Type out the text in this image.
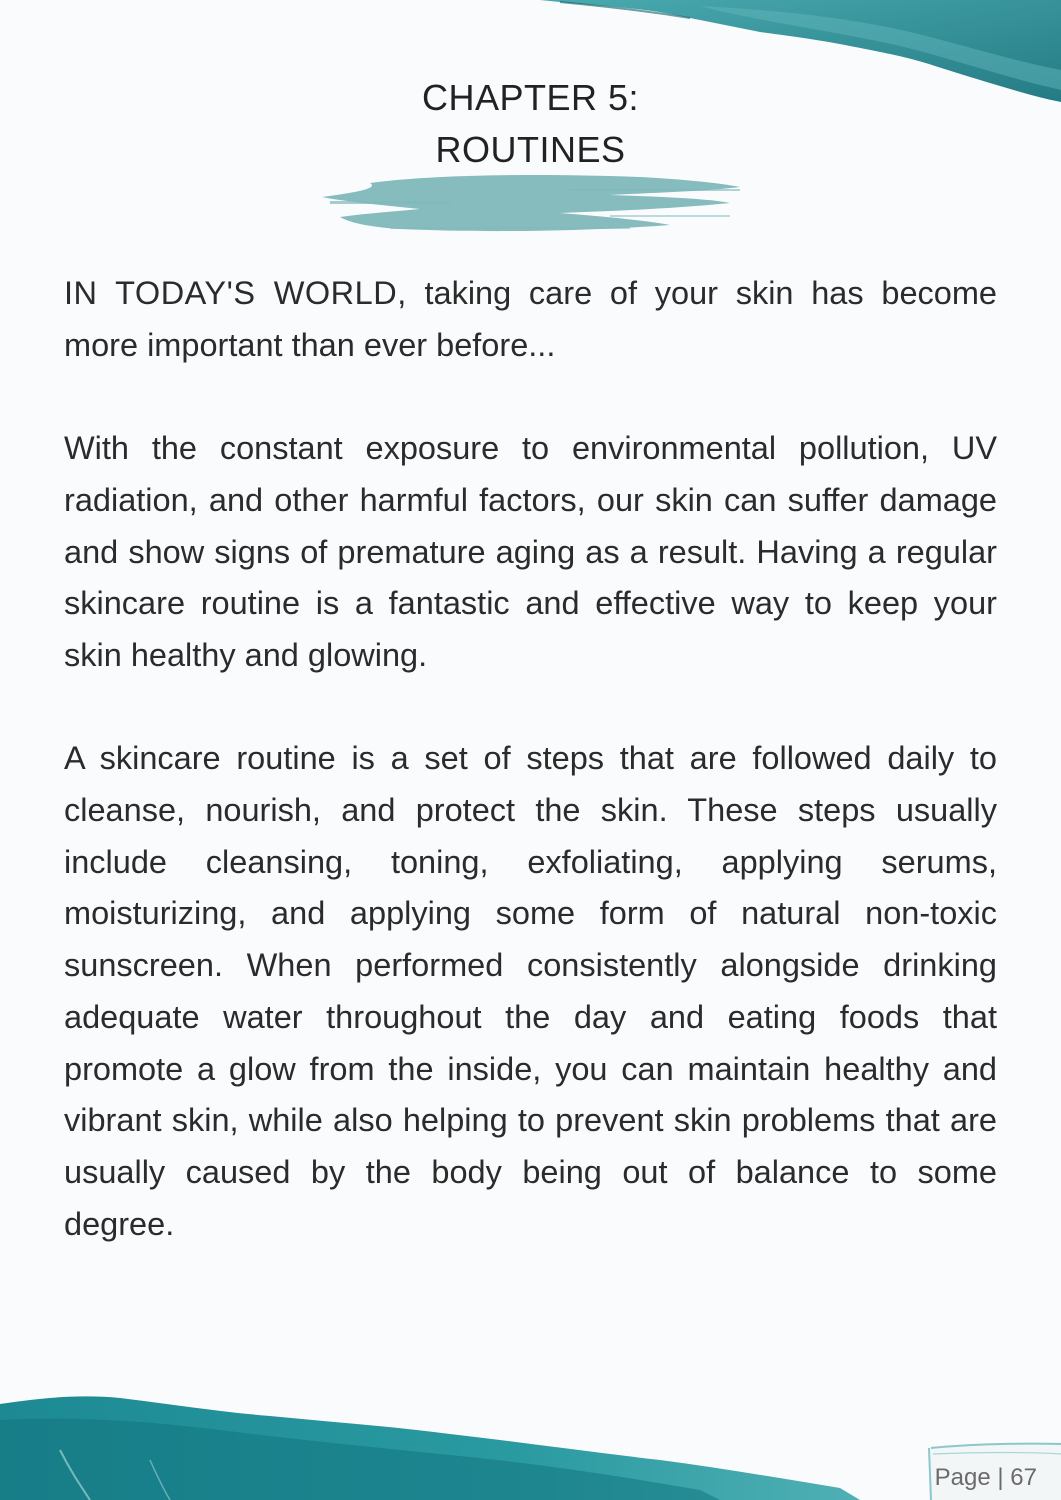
CHAPTER 5:
ROUTINES

IN TODAY'S WORLD, taking care of your skin has become more important than ever before...

With the constant exposure to environmental pollution, UV radiation, and other harmful factors, our skin can suffer damage and show signs of premature aging as a result. Having a regular skincare routine is a fantastic and effective way to keep your skin healthy and glowing.

A skincare routine is a set of steps that are followed daily to cleanse, nourish, and protect the skin. These steps usually include cleansing, toning, exfoliating, applying serums, moisturizing, and applying some form of natural non-toxic sunscreen. When performed consistently alongside drinking adequate water throughout the day and eating foods that promote a glow from the inside, you can maintain healthy and vibrant skin, while also helping to prevent skin problems that are usually caused by the body being out of balance to some degree.

Page | 67
